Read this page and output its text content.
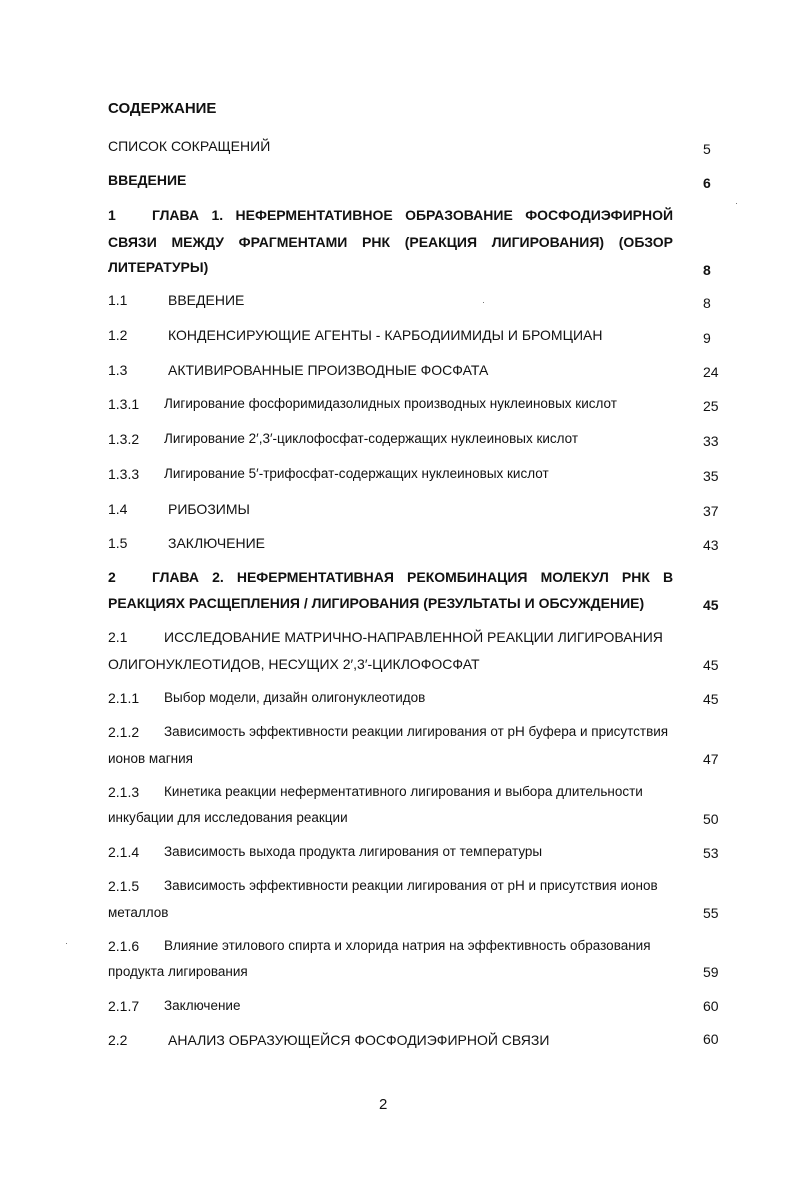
СОДЕРЖАНИЕ
СПИСОК СОКРАЩЕНИЙ	5
ВВЕДЕНИЕ	6
1	ГЛАВА 1. НЕФЕРМЕНТАТИВНОЕ ОБРАЗОВАНИЕ ФОСФОДИЭФИРНОЙ
СВЯЗИ МЕЖДУ ФРАГМЕНТАМИ РНК (РЕАКЦИЯ ЛИГИРОВАНИЯ) (ОБЗОР
ЛИТЕРАТУРЫ)	8
1.1	ВВЕДЕНИЕ	8
1.2	КОНДЕНСИРУЮЩИЕ АГЕНТЫ - КАРБОДИИМИДЫ И БРОМЦИАН	9
1.3	АКТИВИРОВАННЫЕ ПРОИЗВОДНЫЕ ФОСФАТА	24
1.3.1 Лигирование фосфоримидазолидных производных нуклеиновых кислот	25
1.3.2 Лигирование 2′,3′-циклофосфат-содержащих нуклеиновых кислот	33
1.3.3 Лигирование 5′-трифосфат-содержащих нуклеиновых кислот	35
1.4	РИБОЗИМЫ	37
1.5	ЗАКЛЮЧЕНИЕ	43
2	ГЛАВА 2. НЕФЕРМЕНТАТИВНАЯ РЕКОМБИНАЦИЯ МОЛЕКУЛ РНК В
РЕАКЦИЯХ РАСЩЕПЛЕНИЯ / ЛИГИРОВАНИЯ (РЕЗУЛЬТАТЫ И ОБСУЖДЕНИЕ)	45
2.1	ИССЛЕДОВАНИЕ МАТРИЧНО-НАПРАВЛЕННОЙ РЕАКЦИИ ЛИГИРОВАНИЯ
ОЛИГОНУКЛЕОТИДОВ, НЕСУЩИХ 2′,3′-ЦИКЛОФОСФАТ	45
2.1.1 Выбор модели, дизайн олигонуклеотидов	45
2.1.2 Зависимость эффективности реакции лигирования от pH буфера и присутствия
ионов магния	47
2.1.3 Кинетика реакции неферментативного лигирования и выбора длительности
инкубации для исследования реакции	50
2.1.4 Зависимость выхода продукта лигирования от температуры	53
2.1.5 Зависимость эффективности реакции лигирования от pH и присутствия ионов
металлов	55
2.1.6 Влияние этилового спирта и хлорида натрия на эффективность образования
продукта лигирования	59
2.1.7 Заключение	60
2.2	АНАЛИЗ ОБРАЗУЮЩЕЙСЯ ФОСФОДИЭФИРНОЙ СВЯЗИ	60
2
